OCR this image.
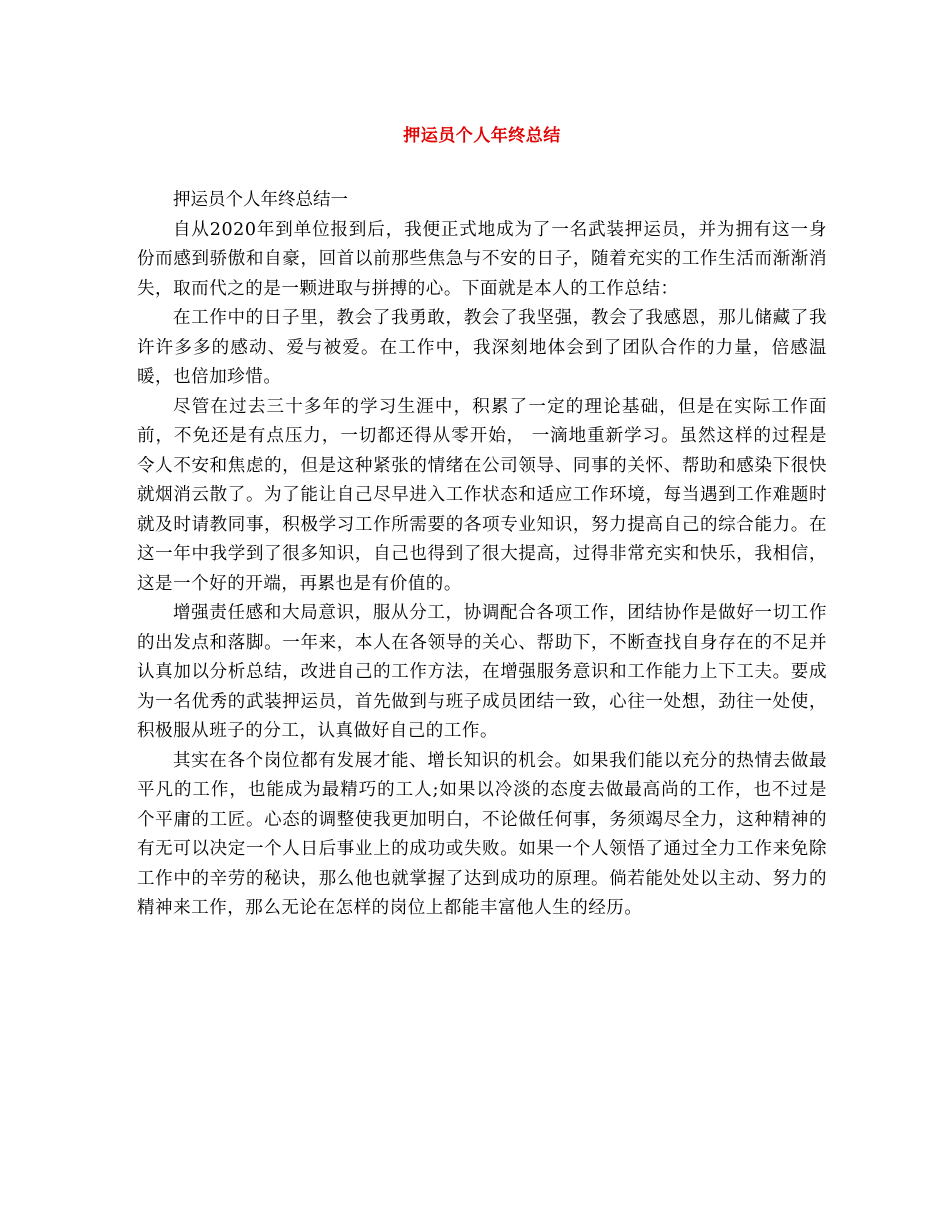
押运员个人年终总结

押运员个人年终总结一

自从2020年到单位报到后，我便正式地成为了一名武装押运员，并为拥有这一身份而感到骄傲和自豪，回首以前那些焦急与不安的日子，随着充实的工作生活而渐渐消失，取而代之的是一颗进取与拼搏的心。下面就是本人的工作总结：

在工作中的日子里，教会了我勇敢，教会了我坚强，教会了我感恩，那儿储藏了我许许多多的感动、爱与被爱。在工作中，我深刻地体会到了团队合作的力量，倍感温暖，也倍加珍惜。

尽管在过去三十多年的学习生涯中，积累了一定的理论基础，但是在实际工作面前，不免还是有点压力，一切都还得从零开始， 一滴地重新学习。虽然这样的过程是令人不安和焦虑的，但是这种紧张的情绪在公司领导、同事的关怀、帮助和感染下很快就烟消云散了。为了能让自己尽早进入工作状态和适应工作环境，每当遇到工作难题时就及时请教同事，积极学习工作所需要的各项专业知识，努力提高自己的综合能力。在这一年中我学到了很多知识，自己也得到了很大提高，过得非常充实和快乐，我相信，这是一个好的开端，再累也是有价值的。

增强责任感和大局意识，服从分工，协调配合各项工作，团结协作是做好一切工作的出发点和落脚。一年来，本人在各领导的关心、帮助下，不断查找自身存在的不足并认真加以分析总结，改进自己的工作方法，在增强服务意识和工作能力上下工夫。要成为一名优秀的武装押运员，首先做到与班子成员团结一致，心往一处想，劲往一处使，积极服从班子的分工，认真做好自己的工作。

其实在各个岗位都有发展才能、增长知识的机会。如果我们能以充分的热情去做最平凡的工作，也能成为最精巧的工人;如果以冷淡的态度去做最高尚的工作，也不过是个平庸的工匠。心态的调整使我更加明白，不论做任何事，务须竭尽全力，这种精神的有无可以决定一个人日后事业上的成功或失败。如果一个人领悟了通过全力工作来免除工作中的辛劳的秘诀，那么他也就掌握了达到成功的原理。倘若能处处以主动、努力的精神来工作，那么无论在怎样的岗位上都能丰富他人生的经历。
